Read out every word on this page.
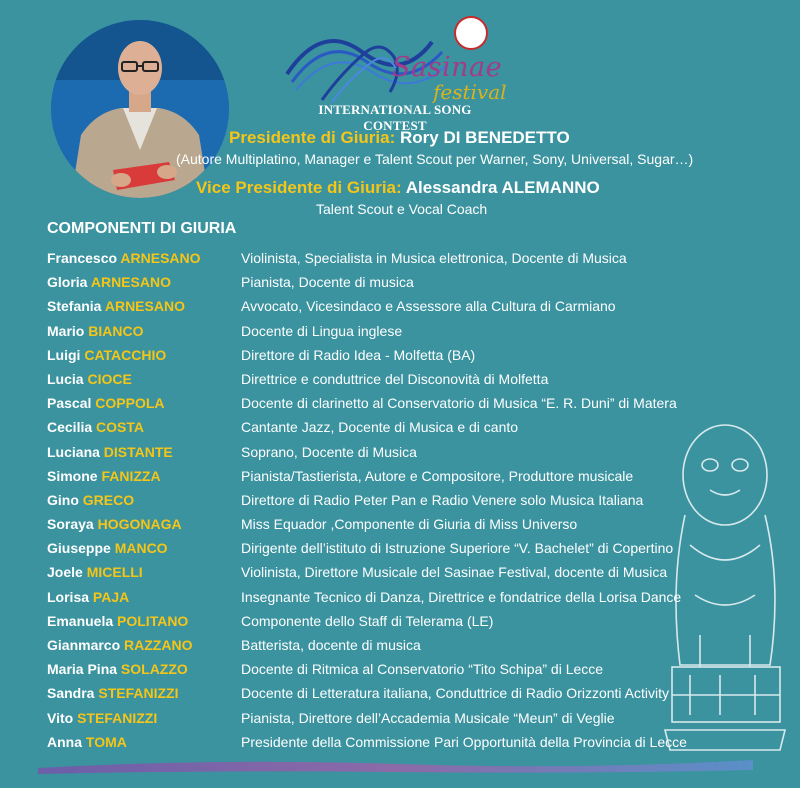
Sasinae
festival
INTERNATIONAL SONG CONTEST
Presidente di Giuria: Rory DI BENEDETTO
(Autore Multiplatino, Manager e Talent Scout per Warner, Sony, Universal, Sugar…)
Vice Presidente di Giuria: Alessandra ALEMANNO
Talent Scout e Vocal Coach
COMPONENTI DI GIURIA
Francesco ARNESANO	Violinista, Specialista in Musica elettronica, Docente di Musica
Gloria ARNESANO	Pianista, Docente di musica
Stefania ARNESANO	Avvocato, Vicesindaco e Assessore alla Cultura di Carmiano
Mario BIANCO	Docente di Lingua inglese
Luigi CATACCHIO	Direttore di Radio Idea - Molfetta (BA)
Lucia CIOCE	Direttrice e conduttrice del Disconovità di Molfetta
Pascal COPPOLA	Docente di clarinetto al Conservatorio di Musica “E. R. Duni” di Matera
Cecilia COSTA	Cantante Jazz, Docente di Musica e di canto
Luciana DISTANTE	Soprano, Docente di Musica
Simone FANIZZA	Pianista/Tastierista, Autore e Compositore, Produttore musicale
Gino GRECO	Direttore di Radio Peter Pan e Radio Venere solo Musica Italiana
Soraya HOGONAGA	Miss Equador ,Componente di Giuria di Miss Universo
Giuseppe MANCO	Dirigente dell’istituto di Istruzione Superiore “V. Bachelet” di Copertino
Joele MICELLI	Violinista, Direttore Musicale del Sasinae Festival, docente di Musica
Lorisa PAJA	Insegnante Tecnico di Danza, Direttrice e fondatrice della Lorisa Dance
Emanuela POLITANO	Componente dello Staff di Telerama (LE)
Gianmarco RAZZANO	Batterista, docente di musica
Maria Pina SOLAZZO	Docente di Ritmica al Conservatorio “Tito Schipa” di Lecce
Sandra STEFANIZZI	Docente di Letteratura italiana, Conduttrice di Radio Orizzonti Activity
Vito STEFANIZZI	Pianista, Direttore dell’Accademia Musicale “Meun” di Veglie
Anna TOMA	Presidente della Commissione Pari Opportunità della Provincia di Lecce
